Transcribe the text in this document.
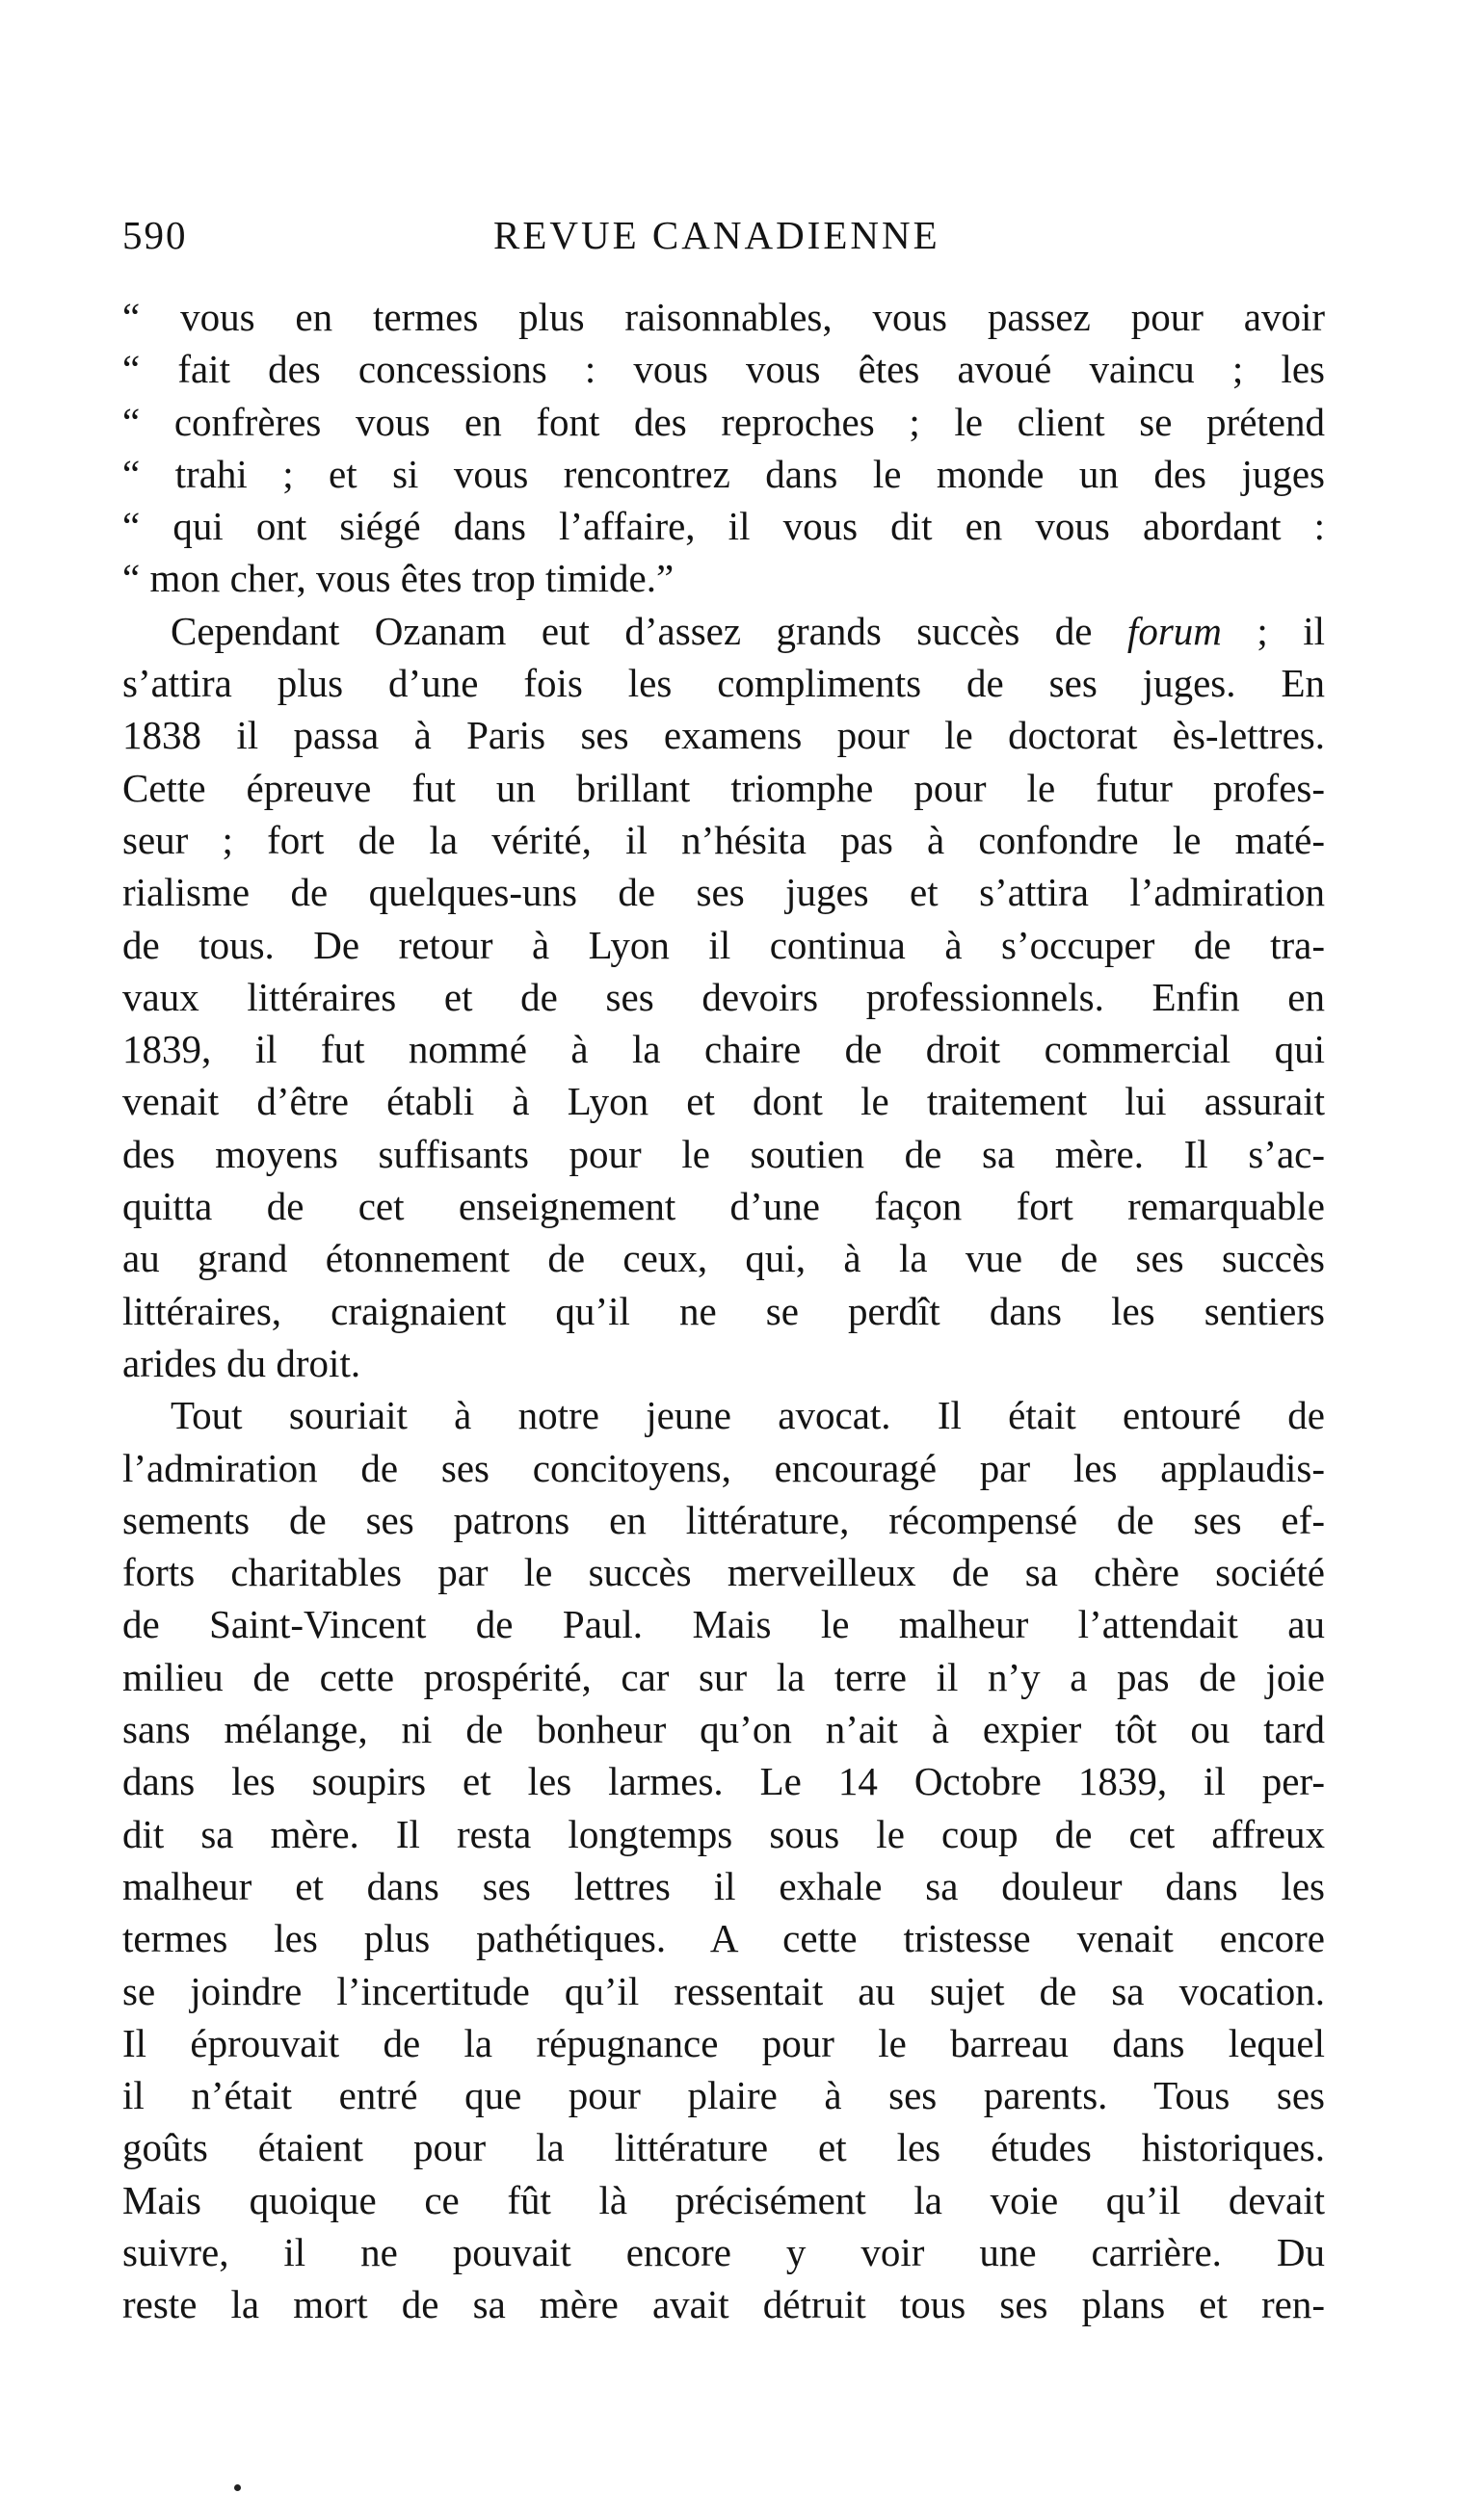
590	REVUE CANADIENNE
“ vous en termes plus raisonnables, vous passez pour avoir
“ fait des concessions : vous vous êtes avoué vaincu ; les
“ confrères vous en font des reproches ; le client se prétend
“ trahi ; et si vous rencontrez dans le monde un des juges
“ qui ont siégé dans l’affaire, il vous dit en vous abordant :
“ mon cher, vous êtes trop timide.”
Cependant Ozanam eut d’assez grands succès de forum ; il
s’attira plus d’une fois les compliments de ses juges. En
1838 il passa à Paris ses examens pour le doctorat ès-lettres.
Cette épreuve fut un brillant triomphe pour le futur profes-
seur ; fort de la vérité, il n’hésita pas à confondre le maté-
rialisme de quelques-uns de ses juges et s’attira l’admiration
de tous. De retour à Lyon il continua à s’occuper de tra-
vaux littéraires et de ses devoirs professionnels. Enfin en
1839, il fut nommé à la chaire de droit commercial qui
venait d’être établi à Lyon et dont le traitement lui assurait
des moyens suffisants pour le soutien de sa mère. Il s’ac-
quitta de cet enseignement d’une façon fort remarquable
au grand étonnement de ceux, qui, à la vue de ses succès
littéraires, craignaient qu’il ne se perdît dans les sentiers
arides du droit.
Tout souriait à notre jeune avocat. Il était entouré de
l’admiration de ses concitoyens, encouragé par les applaudis-
sements de ses patrons en littérature, récompensé de ses ef-
forts charitables par le succès merveilleux de sa chère société
de Saint-Vincent de Paul. Mais le malheur l’attendait au
milieu de cette prospérité, car sur la terre il n’y a pas de joie
sans mélange, ni de bonheur qu’on n’ait à expier tôt ou tard
dans les soupirs et les larmes. Le 14 Octobre 1839, il per-
dit sa mère. Il resta longtemps sous le coup de cet affreux
malheur et dans ses lettres il exhale sa douleur dans les
termes les plus pathétiques. A cette tristesse venait encore
se joindre l’incertitude qu’il ressentait au sujet de sa vocation.
Il éprouvait de la répugnance pour le barreau dans lequel
il n’était entré que pour plaire à ses parents. Tous ses
goûts étaient pour la littérature et les études historiques.
Mais quoique ce fût là précisément la voie qu’il devait
suivre, il ne pouvait encore y voir une carrière. Du
reste la mort de sa mère avait détruit tous ses plans et ren-
